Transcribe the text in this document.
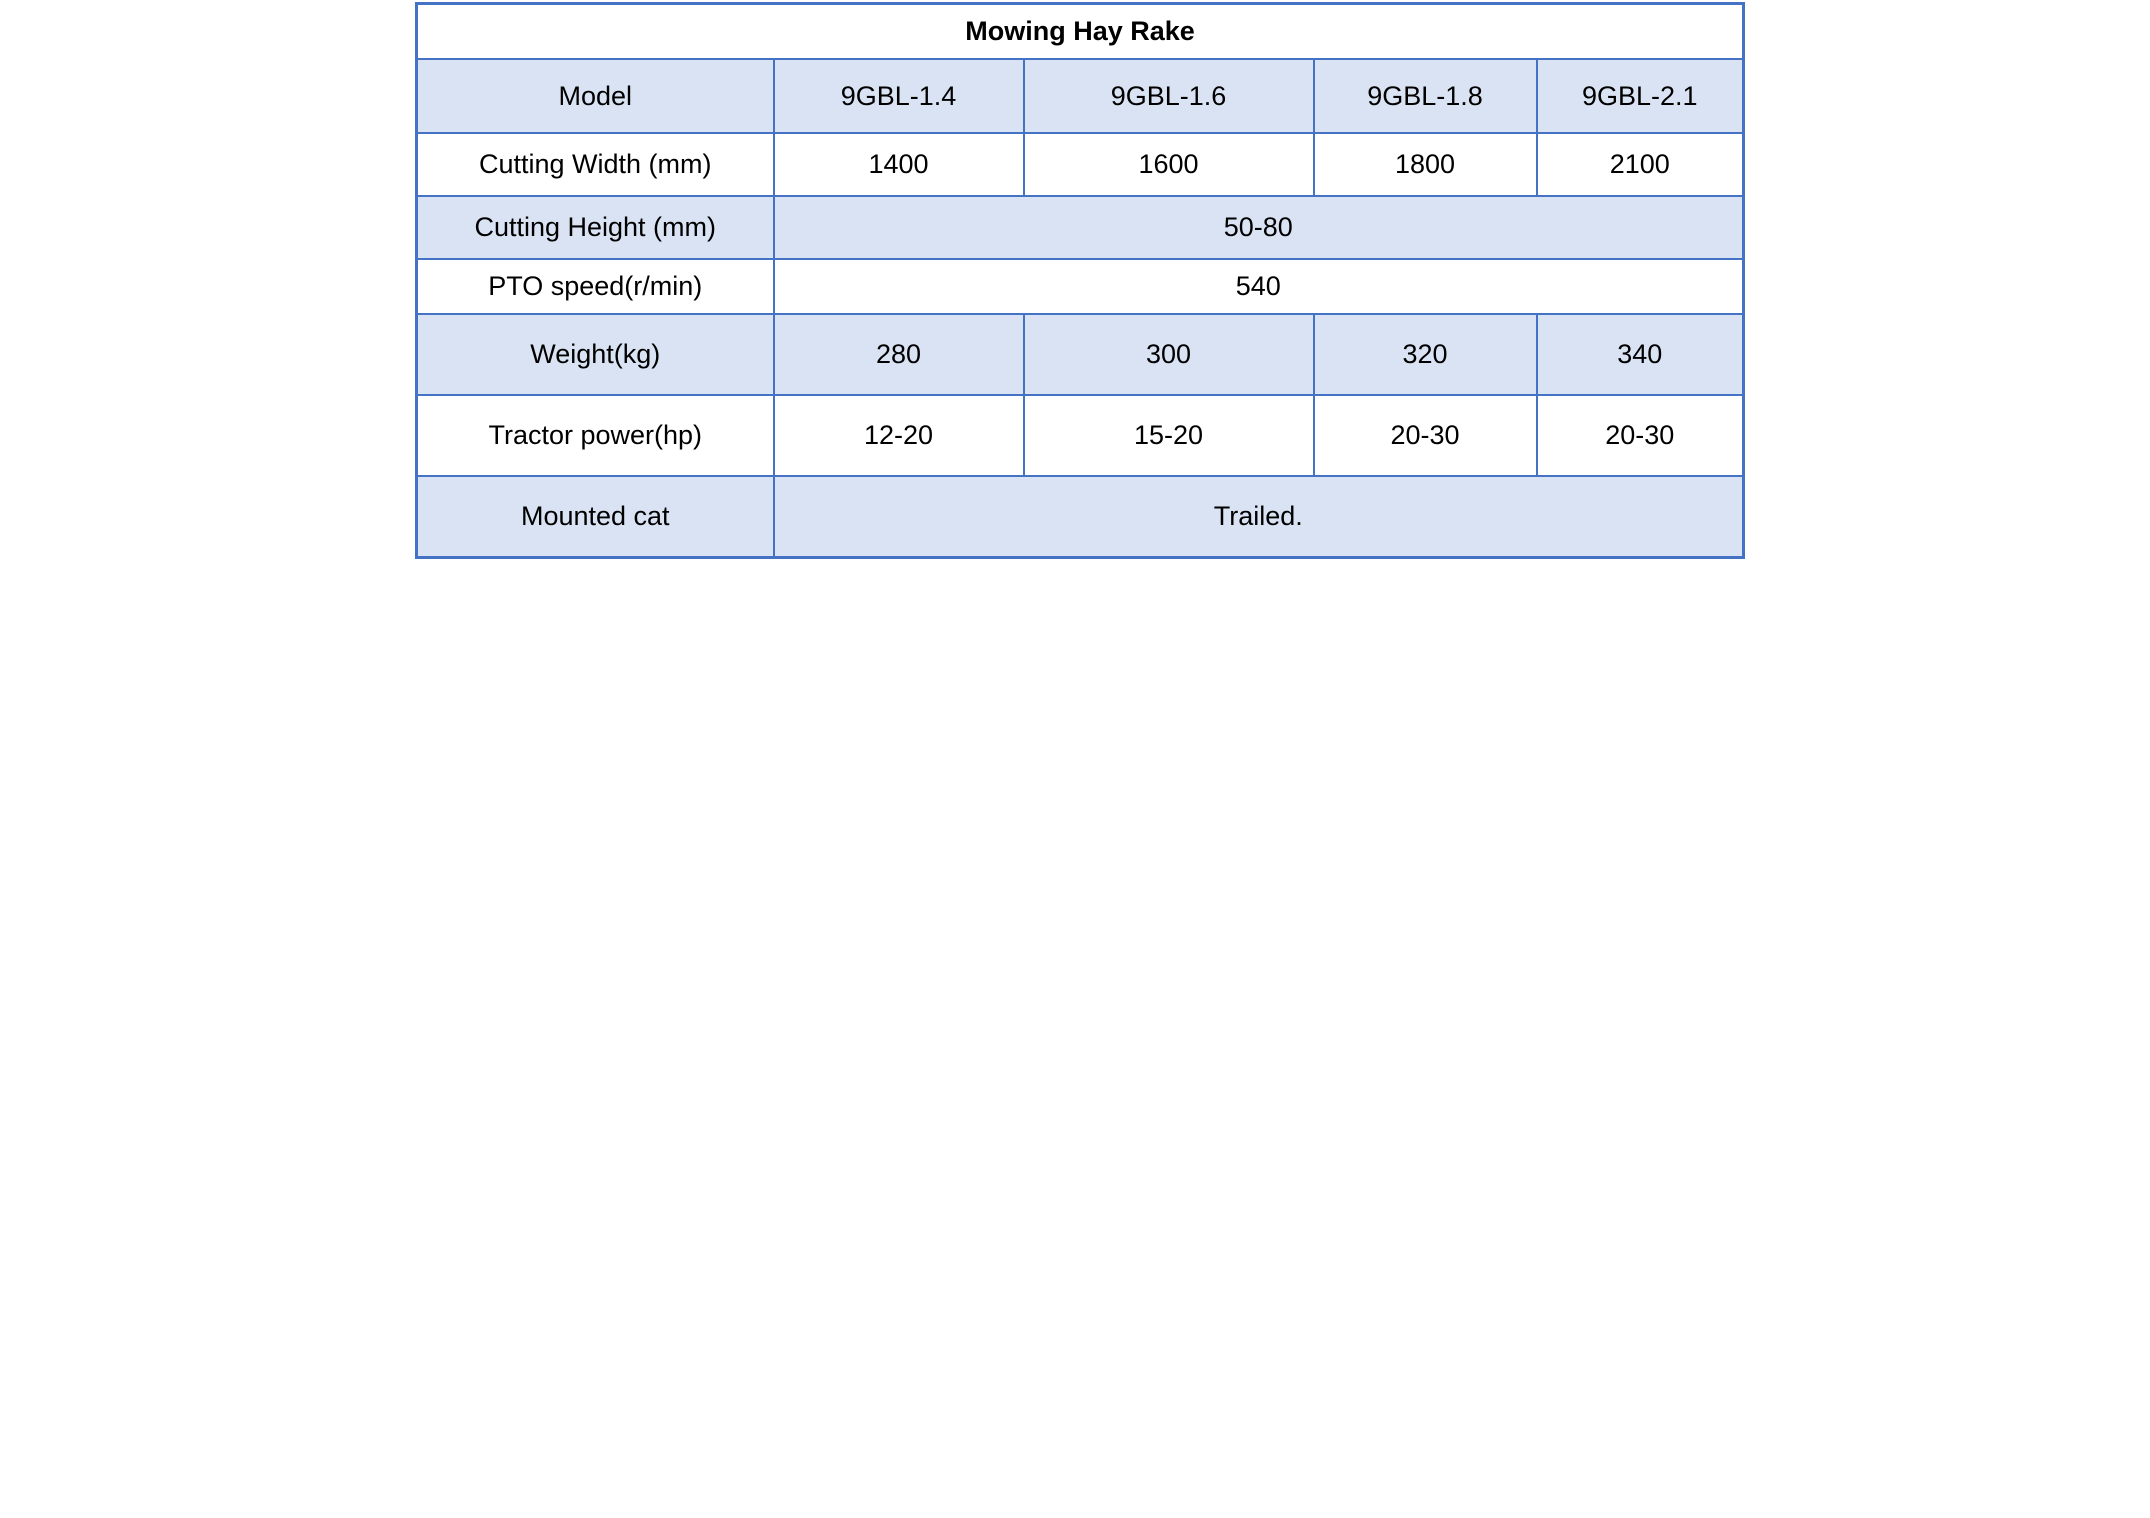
Mowing Hay Rake				
Model	9GBL-1.4	9GBL-1.6	9GBL-1.8	9GBL-2.1
Cutting Width (mm)	1400	1600	1800	2100
Cutting Height (mm)	50-80			
PTO speed(r/min)	540			
Weight(kg)	280	300	320	340
Tractor power(hp)	12-20	15-20	20-30	20-30
Mounted cat	Trailed.			
